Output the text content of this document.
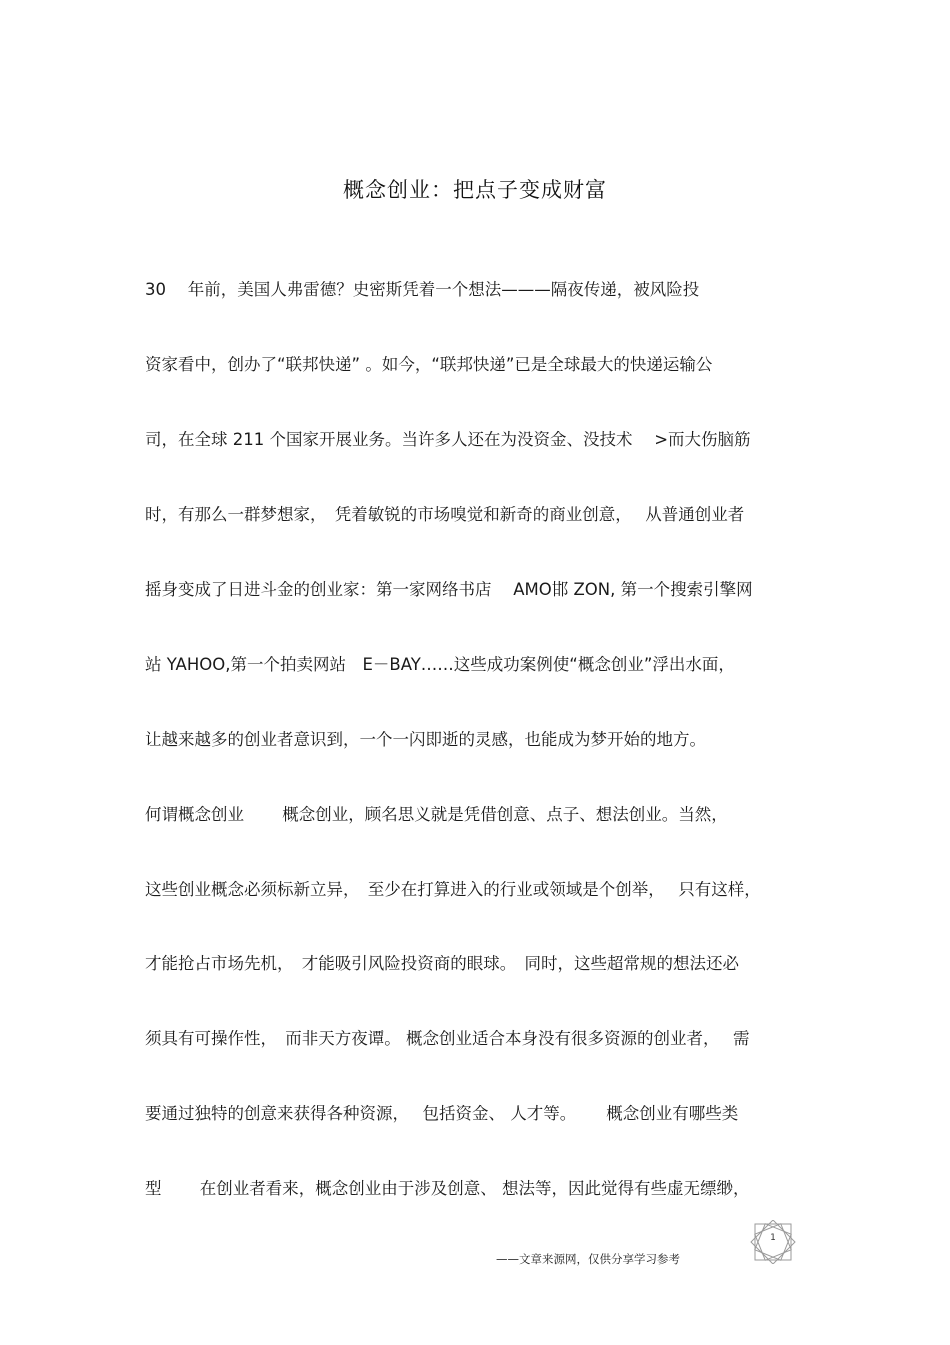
概念创业：把点子变成财富
30　 年前，美国人弗雷德？史密斯凭着一个想法———隔夜传递，被风险投
资家看中，创办了“联邦快递” 。如今，“联邦快递”已是全球最大的快递运输公
司，在全球 211 个国家开展业务。当许多人还在为没资金、没技术　 >而大伤脑筋
时，有那么一群梦想家，　凭着敏锐的市场嗅觉和新奇的商业创意，　 从普通创业者
摇身变成了日进斗金的创业家：第一家网络书店　 AMO邯 ZON, 第一个搜索引擎网
站 YAHOO,第一个拍卖网站　E－BAY……这些成功案例使“概念创业”浮出水面，
让越来越多的创业者意识到，一个一闪即逝的灵感，也能成为梦开始的地方。
何谓概念创业　　 概念创业，顾名思义就是凭借创意、点子、想法创业。当然，
这些创业概念必须标新立异，　至少在打算进入的行业或领域是个创举，　 只有这样，
才能抢占市场先机，　才能吸引风险投资商的眼球。　同时，这些超常规的想法还必
须具有可操作性，　而非天方夜谭。 概念创业适合本身没有很多资源的创业者，　 需
要通过独特的创意来获得各种资源，　 包括资金、 人才等。　　 概念创业有哪些类
型　　 在创业者看来，概念创业由于涉及创意、 想法等，因此觉得有些虚无缥缈，
——文章来源网，仅供分享学习参考
1
